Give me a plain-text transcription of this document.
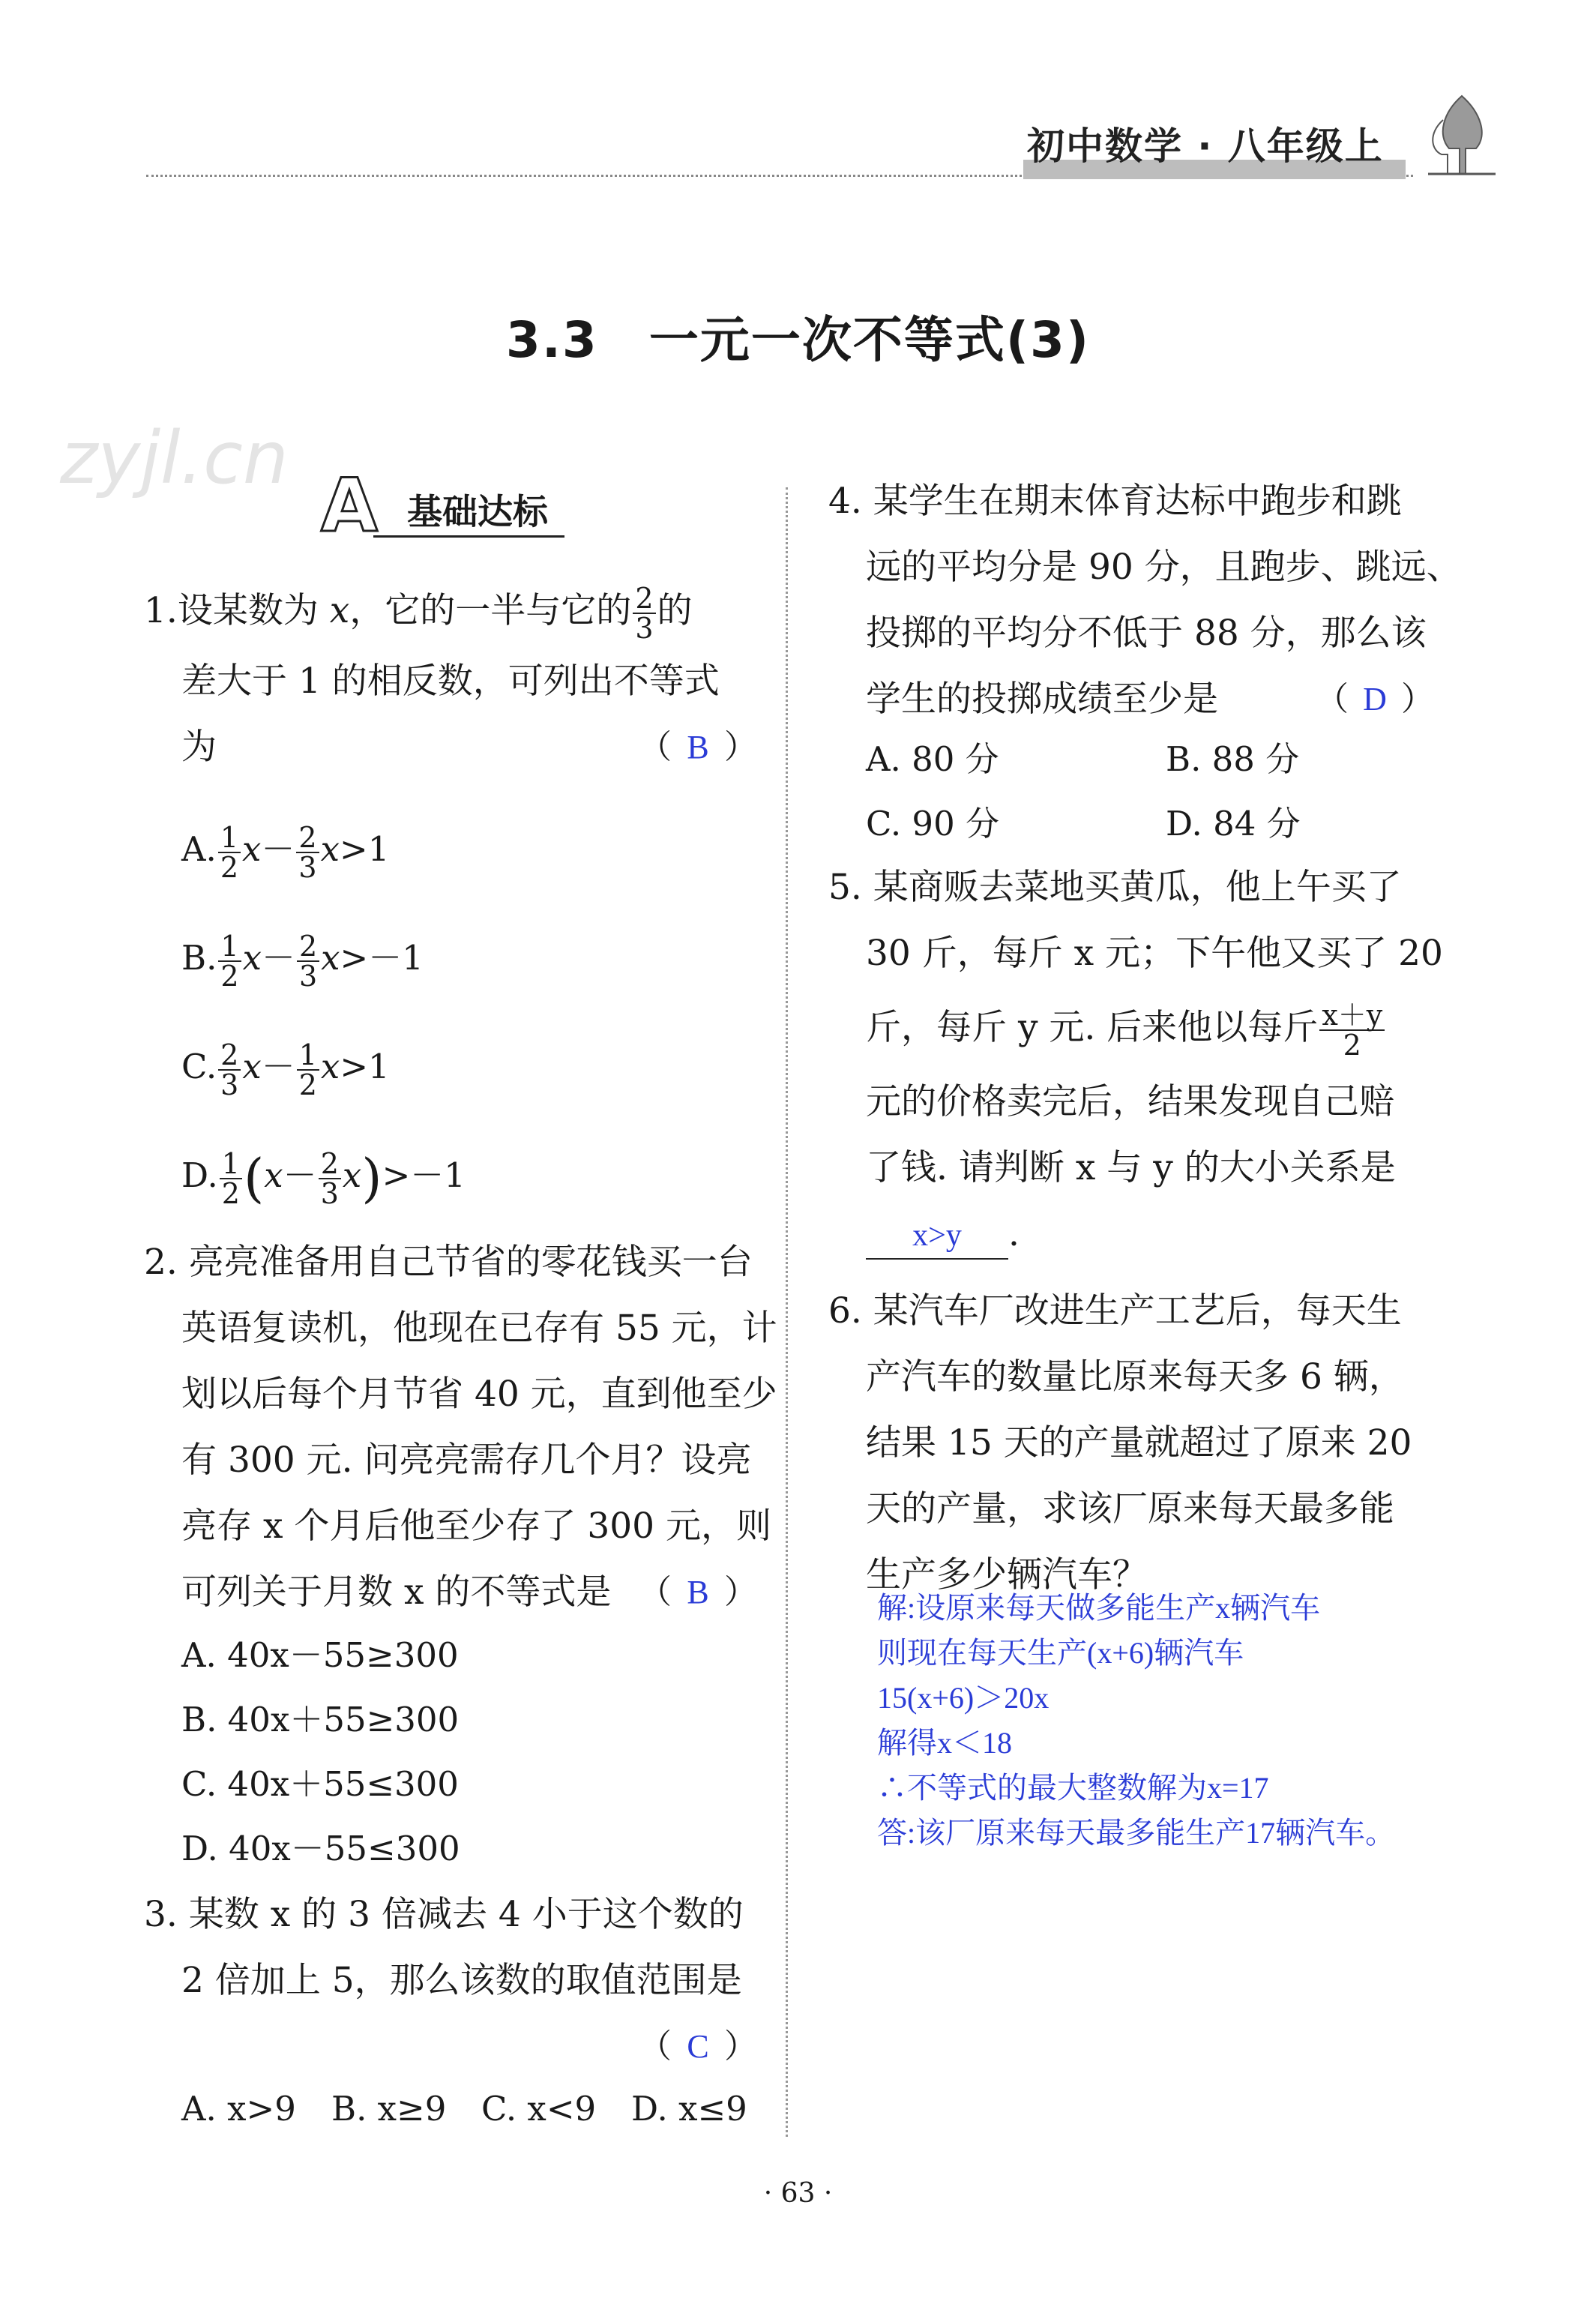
初中数学 · 八年级上
zyjl.cn
3.3　一元一次不等式(3)
A 基础达标
1.设某数为 x，它的一半与它的 $\frac{2}{3}$ 的
差大于 1 的相反数，可列出不等式
为	（ B ）
A. $\frac{1}{2} x- \frac{2}{3} x>1$
B. $\frac{1}{2} x- \frac{2}{3} x>-1$
C. $\frac{2}{3} x- \frac{1}{2} x>1$
D. $\frac{1}{2} (x- \frac{2}{3} x)>-1$
2. 亮亮准备用自己节省的零花钱买一台
英语复读机，他现在已存有 55 元，计
划以后每个月节省 40 元，直到他至少
有 300 元. 问亮亮需存几个月？设亮
亮存 x 个月后他至少存了 300 元，则
可列关于月数 x 的不等式是 （ B ）
A. 40x－55≥300
B. 40x＋55≥300
C. 40x＋55≤300
D. 40x－55≤300
3. 某数 x 的 3 倍减去 4 小于这个数的
2 倍加上 5，那么该数的取值范围是
（ C ）
A. x>9 B. x≥9 C. x<9 D. x≤9
4. 某学生在期末体育达标中跑步和跳
远的平均分是 90 分，且跑步、跳远、
投掷的平均分不低于 88 分，那么该
学生的投掷成绩至少是	（ D ）
A. 80 分	B. 88 分
C. 90 分	D. 84 分
5. 某商贩去菜地买黄瓜，他上午买了
30 斤，每斤 x 元；下午他又买了 20
斤，每斤 y 元. 后来他以每斤 $\frac{x+y}{2}$
元的价格卖完后，结果发现自己赔
了钱. 请判断 x 与 y 的大小关系是
x>y .
6. 某汽车厂改进生产工艺后，每天生
产汽车的数量比原来每天多 6 辆，
结果 15 天的产量就超过了原来 20
天的产量，求该厂原来每天最多能
生产多少辆汽车？
解:设原来每天做多能生产x辆汽车
则现在每天生产(x+6)辆汽车
15(x+6)＞20x
解得x＜18
∴不等式的最大整数解为x=17
答:该厂原来每天最多能生产17辆汽车。
· 63 ·
